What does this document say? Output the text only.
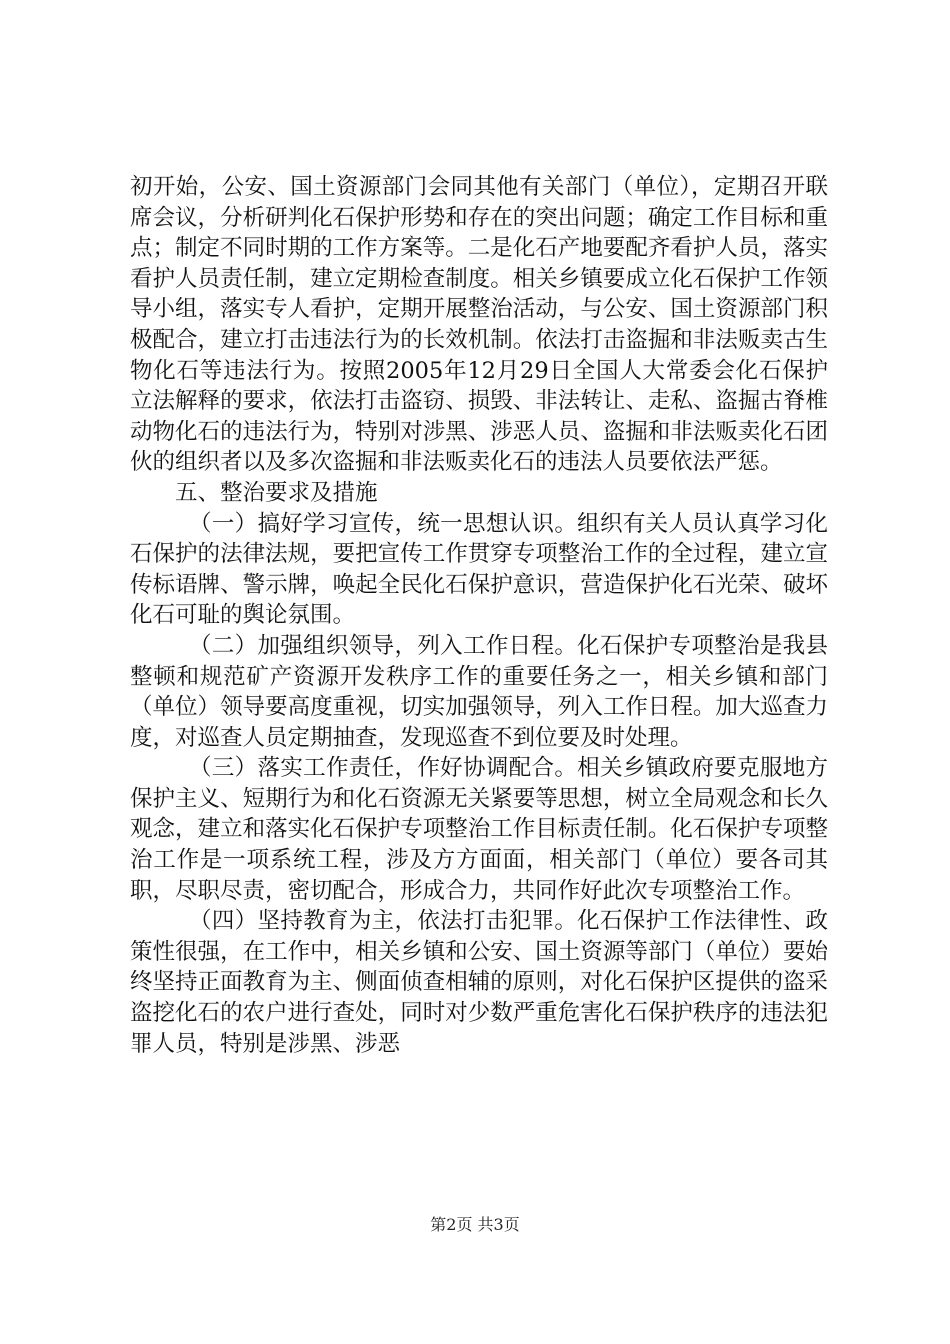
初开始，公安、国土资源部门会同其他有关部门（单位），定期召开联席会议，分析研判化石保护形势和存在的突出问题；确定工作目标和重点；制定不同时期的工作方案等。二是化石产地要配齐看护人员，落实看护人员责任制，建立定期检查制度。相关乡镇要成立化石保护工作领导小组，落实专人看护，定期开展整治活动，与公安、国土资源部门积极配合，建立打击违法行为的长效机制。依法打击盗掘和非法贩卖古生物化石等违法行为。按照2005年12月29日全国人大常委会化石保护立法解释的要求，依法打击盗窃、损毁、非法转让、走私、盗掘古脊椎动物化石的违法行为，特别对涉黑、涉恶人员、盗掘和非法贩卖化石团伙的组织者以及多次盗掘和非法贩卖化石的违法人员要依法严惩。

五、整治要求及措施

（一）搞好学习宣传，统一思想认识。组织有关人员认真学习化石保护的法律法规，要把宣传工作贯穿专项整治工作的全过程，建立宣传标语牌、警示牌，唤起全民化石保护意识，营造保护化石光荣、破坏化石可耻的舆论氛围。

（二）加强组织领导，列入工作日程。化石保护专项整治是我县整顿和规范矿产资源开发秩序工作的重要任务之一，相关乡镇和部门（单位）领导要高度重视，切实加强领导，列入工作日程。加大巡查力度，对巡查人员定期抽查，发现巡查不到位要及时处理。

（三）落实工作责任，作好协调配合。相关乡镇政府要克服地方保护主义、短期行为和化石资源无关紧要等思想，树立全局观念和长久观念，建立和落实化石保护专项整治工作目标责任制。化石保护专项整治工作是一项系统工程，涉及方方面面，相关部门（单位）要各司其职，尽职尽责，密切配合，形成合力，共同作好此次专项整治工作。

（四）坚持教育为主，依法打击犯罪。化石保护工作法律性、政策性很强，在工作中，相关乡镇和公安、国土资源等部门（单位）要始终坚持正面教育为主、侧面侦查相辅的原则，对化石保护区提供的盗采盗挖化石的农户进行查处，同时对少数严重危害化石保护秩序的违法犯罪人员，特别是涉黑、涉恶

第2页 共3页
